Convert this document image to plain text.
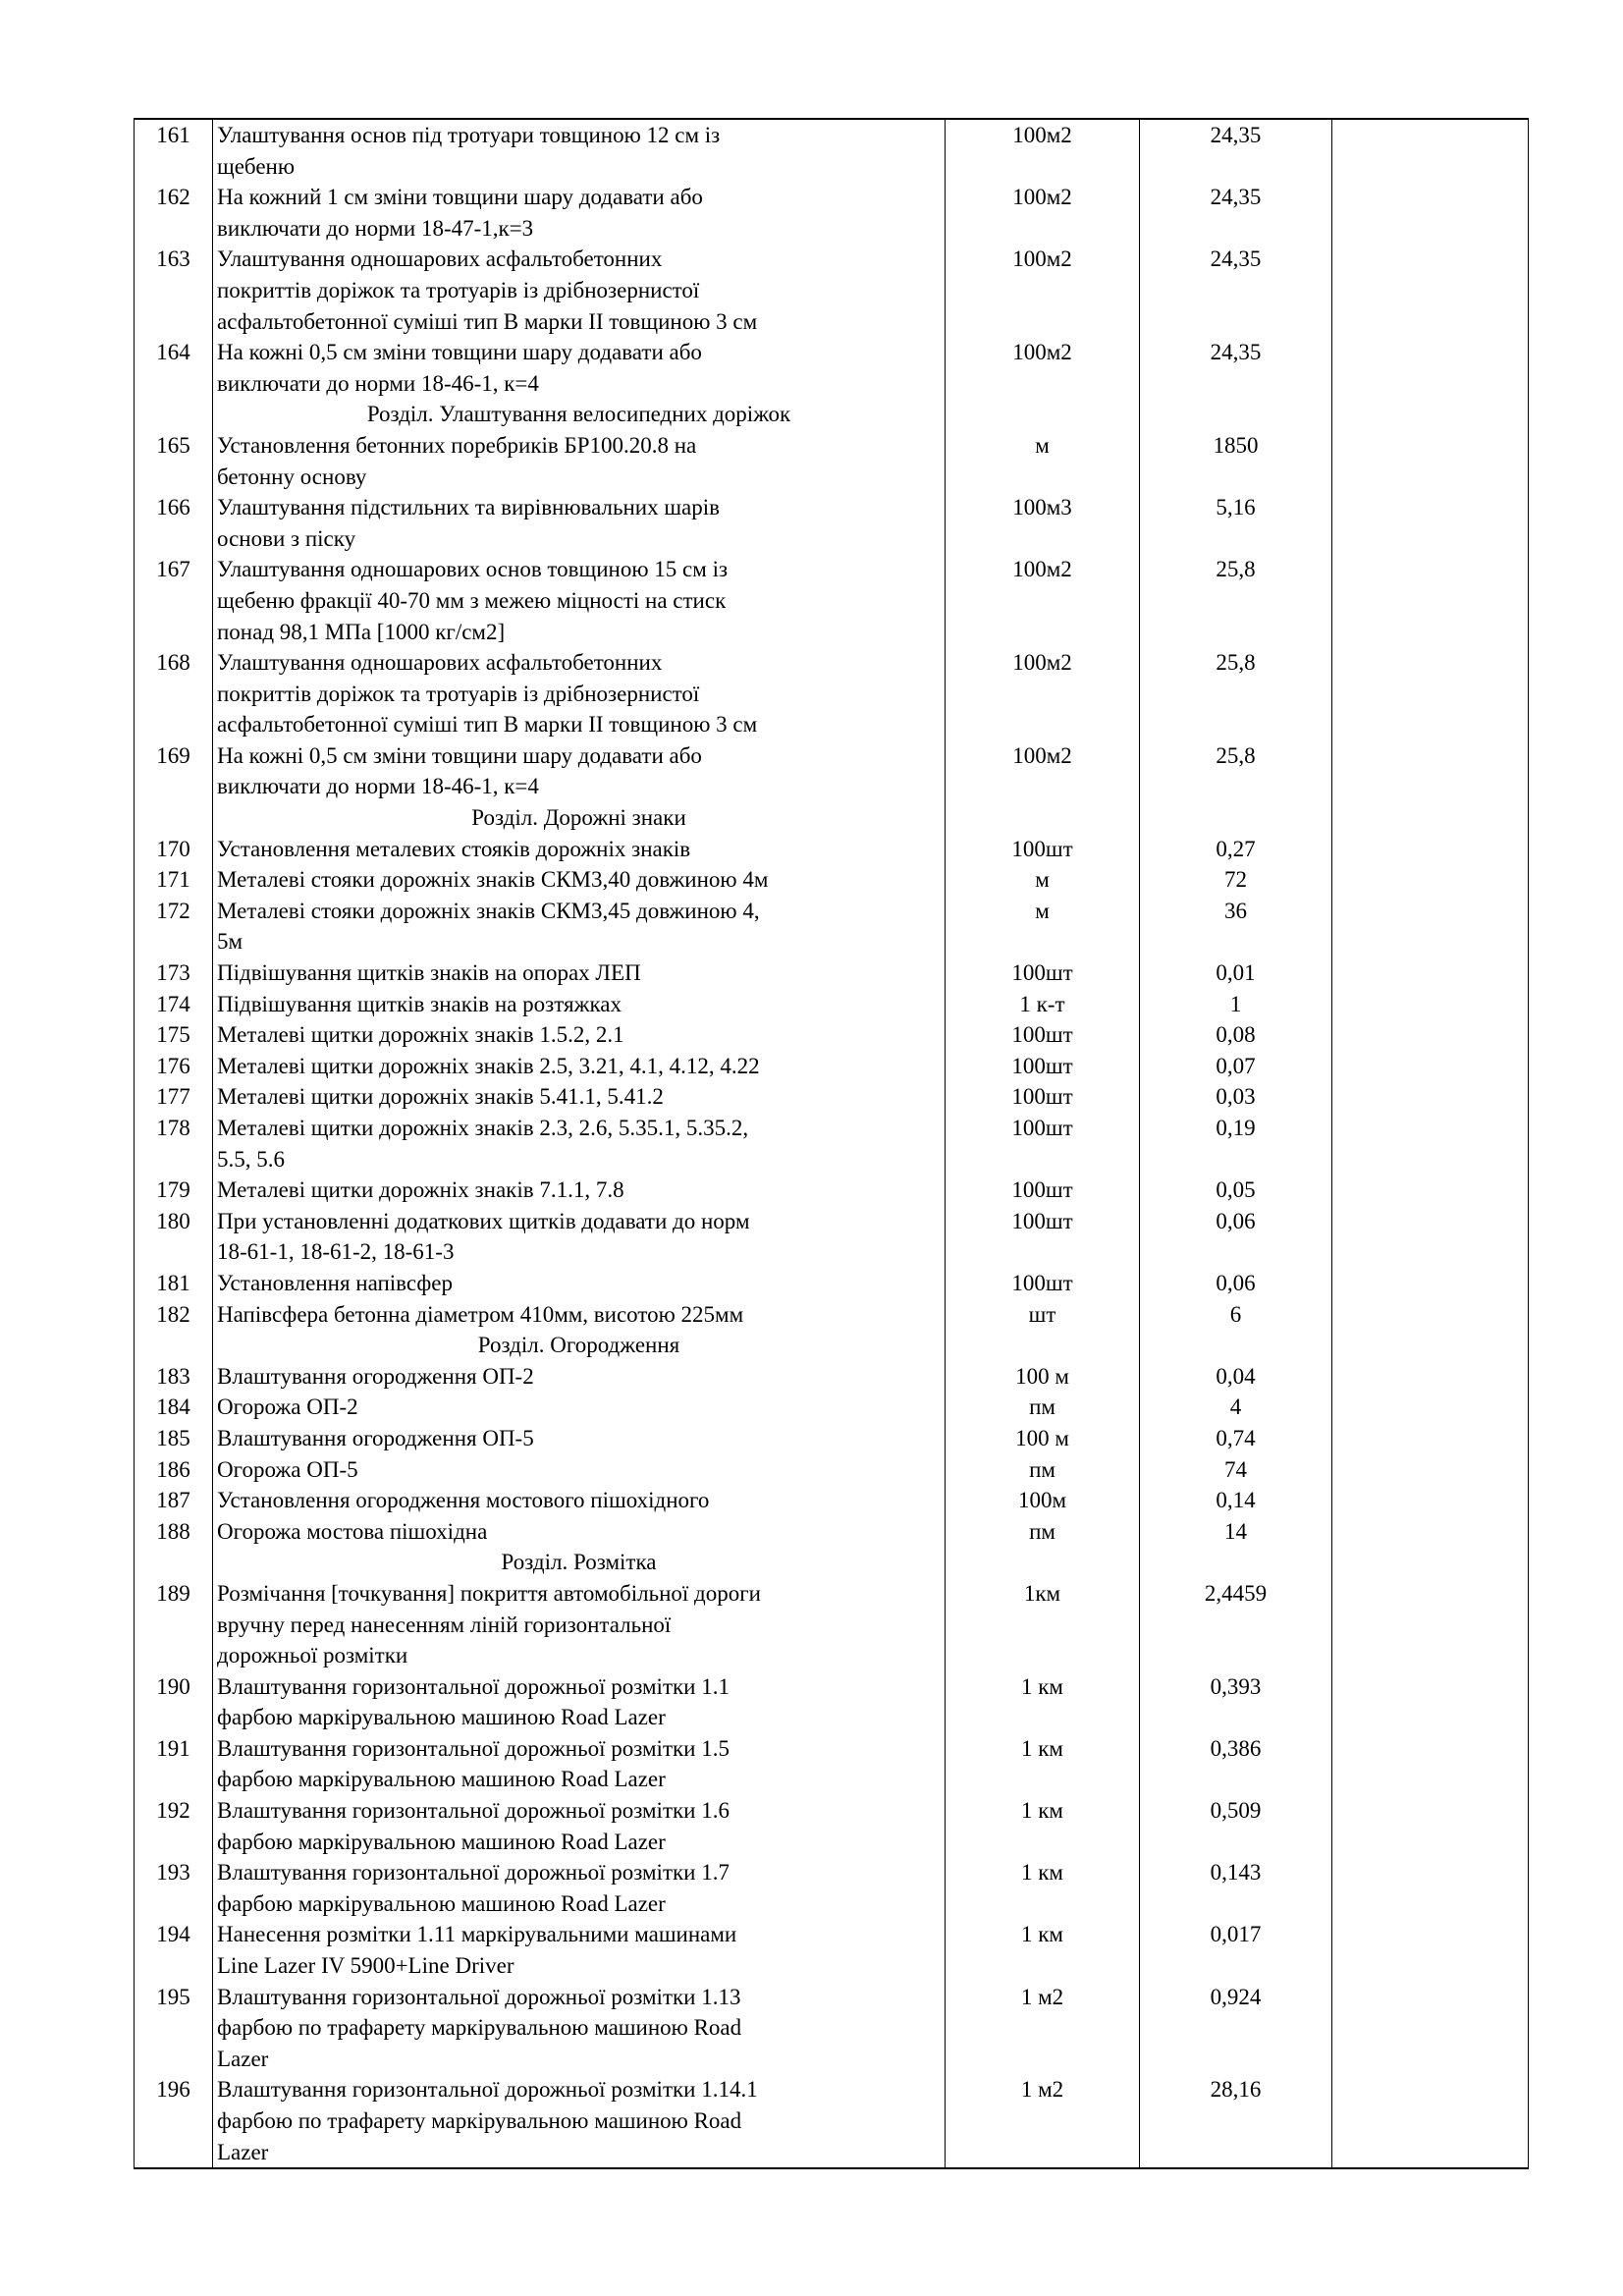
161	Улаштування основ під тротуари товщиною 12 см із
щебеню	100м2	24,35	
162	На кожний 1 см зміни товщини шару додавати або
виключати до норми 18-47-1,к=3	100м2	24,35	
163	Улаштування одношарових асфальтобетонних
покриттів доріжок та тротуарів із дрібнозернистої
асфальтобетонної суміші тип В марки ІІ товщиною 3 см	100м2	24,35	
164	На кожні 0,5 см зміни товщини шару додавати або
виключати до норми 18-46-1, к=4	100м2	24,35	
	Розділ. Улаштування велосипедних доріжок			
165	Установлення бетонних поребриків БР100.20.8 на
бетонну основу	м	1850	
166	Улаштування підстильних та вирівнювальних шарів
основи з піску	100м3	5,16	
167	Улаштування одношарових основ товщиною 15 см із
щебеню фракції 40-70 мм з межею міцності на стиск
понад 98,1 МПа [1000 кг/см2]	100м2	25,8	
168	Улаштування одношарових асфальтобетонних
покриттів доріжок та тротуарів із дрібнозернистої
асфальтобетонної суміші тип В марки ІІ товщиною 3 см	100м2	25,8	
169	На кожні 0,5 см зміни товщини шару додавати або
виключати до норми 18-46-1, к=4	100м2	25,8	
	Розділ. Дорожні знаки			
170	Установлення металевих стояків дорожніх знаків	100шт	0,27	
171	Металеві стояки дорожніх знаків СКМ3,40 довжиною 4м	м	72	
172	Металеві стояки дорожніх знаків СКМ3,45 довжиною 4,
5м	м	36	
173	Підвішування щитків знаків на опорах ЛЕП	100шт	0,01	
174	Підвішування щитків знаків на розтяжках	1 к-т	1	
175	Металеві щитки дорожніх знаків 1.5.2, 2.1	100шт	0,08	
176	Металеві щитки дорожніх знаків 2.5, 3.21, 4.1, 4.12, 4.22	100шт	0,07	
177	Металеві щитки дорожніх знаків 5.41.1, 5.41.2	100шт	0,03	
178	Металеві щитки дорожніх знаків 2.3, 2.6, 5.35.1, 5.35.2,
5.5, 5.6	100шт	0,19	
179	Металеві щитки дорожніх знаків 7.1.1, 7.8	100шт	0,05	
180	При установленні додаткових щитків додавати до норм
18-61-1, 18-61-2, 18-61-3	100шт	0,06	
181	Установлення напівсфер	100шт	0,06	
182	Напівсфера бетонна діаметром 410мм, висотою 225мм	шт	6	
	Розділ. Огородження			
183	Влаштування огородження ОП-2	100 м	0,04	
184	Огорожа ОП-2	пм	4	
185	Влаштування огородження ОП-5	100 м	0,74	
186	Огорожа ОП-5	пм	74	
187	Установлення огородження мостового пішохідного	100м	0,14	
188	Огорожа мостова пішохідна	пм	14	
	Розділ. Розмітка			
189	Розмічання [точкування] покриття автомобільної дороги
вручну перед нанесенням ліній горизонтальної
дорожньої розмітки	1км	2,4459	
190	Влаштування горизонтальної дорожньої розмітки 1.1
фарбою маркірувальною машиною Road Lazer	1 км	0,393	
191	Влаштування горизонтальної дорожньої розмітки 1.5
фарбою маркірувальною машиною Road Lazer	1 км	0,386	
192	Влаштування горизонтальної дорожньої розмітки 1.6
фарбою маркірувальною машиною Road Lazer	1 км	0,509	
193	Влаштування горизонтальної дорожньої розмітки 1.7
фарбою маркірувальною машиною Road Lazer	1 км	0,143	
194	Нанесення розмітки 1.11 маркірувальними машинами
Line Lazer IV 5900+Line Driver	1 км	0,017	
195	Влаштування горизонтальної дорожньої розмітки 1.13
фарбою по трафарету маркірувальною машиною Road
Lazer	1 м2	0,924	
196	Влаштування горизонтальної дорожньої розмітки 1.14.1
фарбою по трафарету маркірувальною машиною Road
Lazer	1 м2	28,16	
